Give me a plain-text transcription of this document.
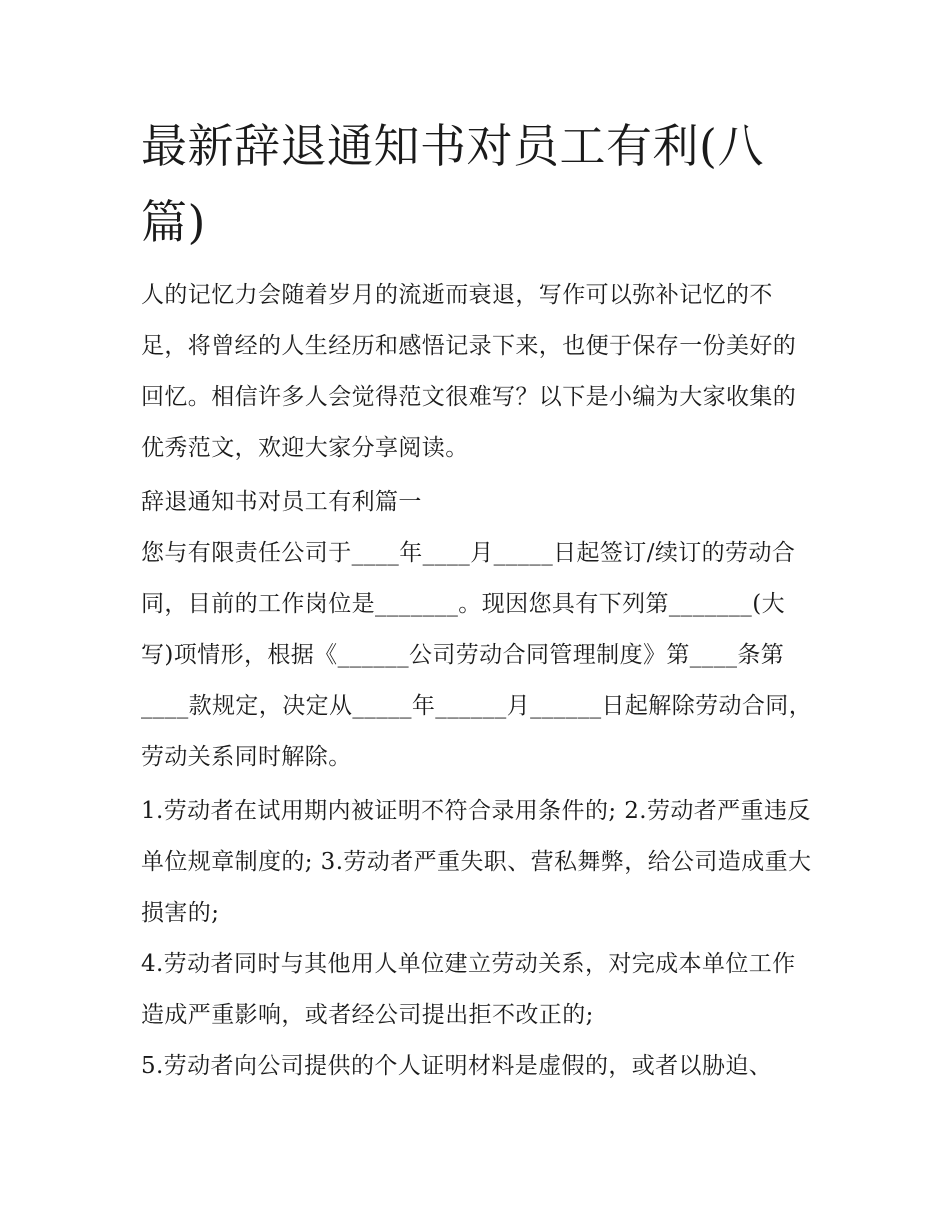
最新辞退通知书对员工有利(八篇)

人的记忆力会随着岁月的流逝而衰退，写作可以弥补记忆的不足，将曾经的人生经历和感悟记录下来，也便于保存一份美好的回忆。相信许多人会觉得范文很难写？以下是小编为大家收集的优秀范文，欢迎大家分享阅读。

辞退通知书对员工有利篇一

您与有限责任公司于____年____月_____日起签订/续订的劳动合同，目前的工作岗位是_______。现因您具有下列第_______(大写)项情形，根据《______公司劳动合同管理制度》第____条第____款规定，决定从_____年______月______日起解除劳动合同，劳动关系同时解除。

1.劳动者在试用期内被证明不符合录用条件的; 2.劳动者严重违反单位规章制度的; 3.劳动者严重失职、营私舞弊，给公司造成重大损害的;

4.劳动者同时与其他用人单位建立劳动关系，对完成本单位工作造成严重影响，或者经公司提出拒不改正的;

5.劳动者向公司提供的个人证明材料是虚假的，或者以胁迫、
